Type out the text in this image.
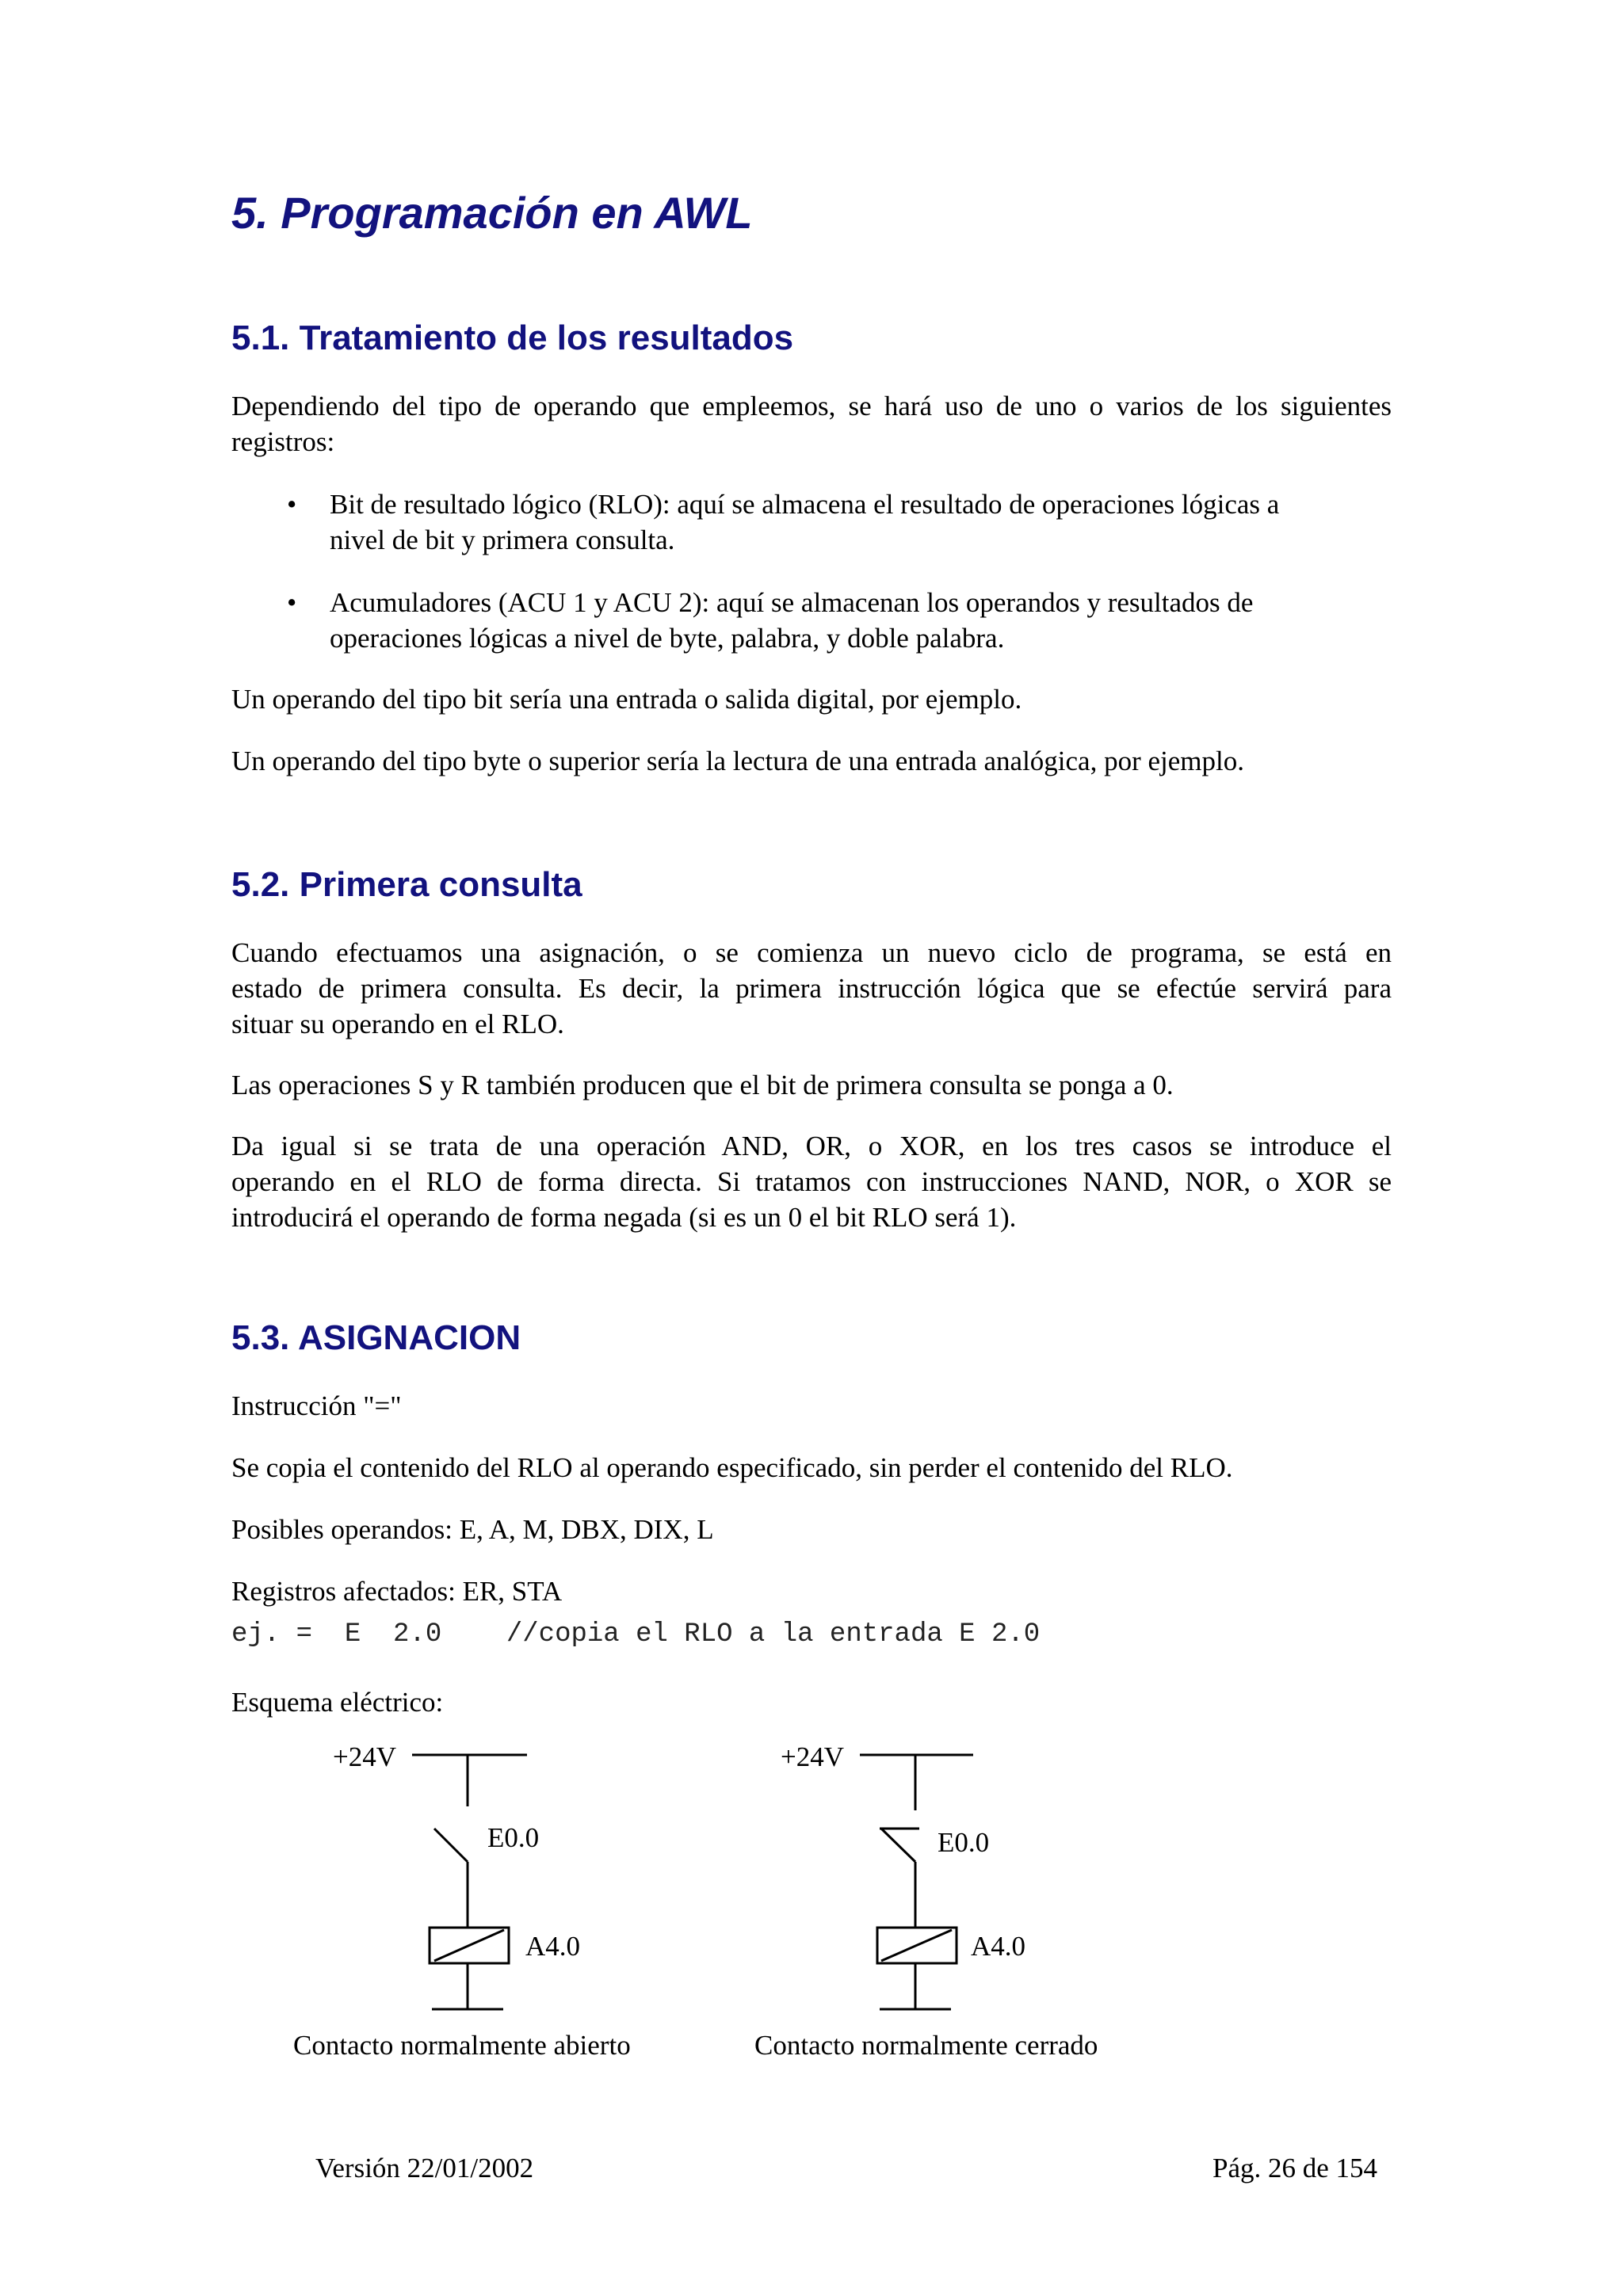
5. Programación en AWL
5.1. Tratamiento de los resultados

Dependiendo del tipo de operando que empleemos, se hará uso de uno o varios de los siguientes

registros:

• Bit de resultado lógico (RLO): aquí se almacena el resultado de operaciones lógicas a

nivel de bit y primera consulta.

• Acumuladores (ACU 1 y ACU 2): aquí se almacenan los operandos y resultados de

operaciones lógicas a nivel de byte, palabra, y doble palabra.

Un operando del tipo bit sería una entrada o salida digital, por ejemplo.

Un operando del tipo byte o superior sería la lectura de una entrada analógica, por ejemplo.

5.2. Primera consulta

Cuando efectuamos una asignación, o se comienza un nuevo ciclo de programa, se está en

estado de primera consulta. Es decir, la primera instrucción lógica que se efectúe servirá para

situar su operando en el RLO.

Las operaciones S y R también producen que el bit de primera consulta se ponga a 0.

Da igual si se trata de una operación AND, OR, o XOR, en los tres casos se introduce el

operando en el RLO de forma directa. Si tratamos con instrucciones NAND, NOR, o XOR se

introducirá el operando de forma negada (si es un 0 el bit RLO será 1).

5.3. ASIGNACION

Instrucción "="

Se copia el contenido del RLO al operando especificado, sin perder el contenido del RLO.

Posibles operandos: E, A, M, DBX, DIX, L

Registros afectados: ER, STA

ej. =  E  2.0    //copia el RLO a la entrada E 2.0

Esquema eléctrico:

+24V
E0.0
A4.0
Contacto normalmente abierto
+24V
E0.0
A4.0
Contacto normalmente cerrado
Versión 22/01/2002	Pág. 26 de 154
